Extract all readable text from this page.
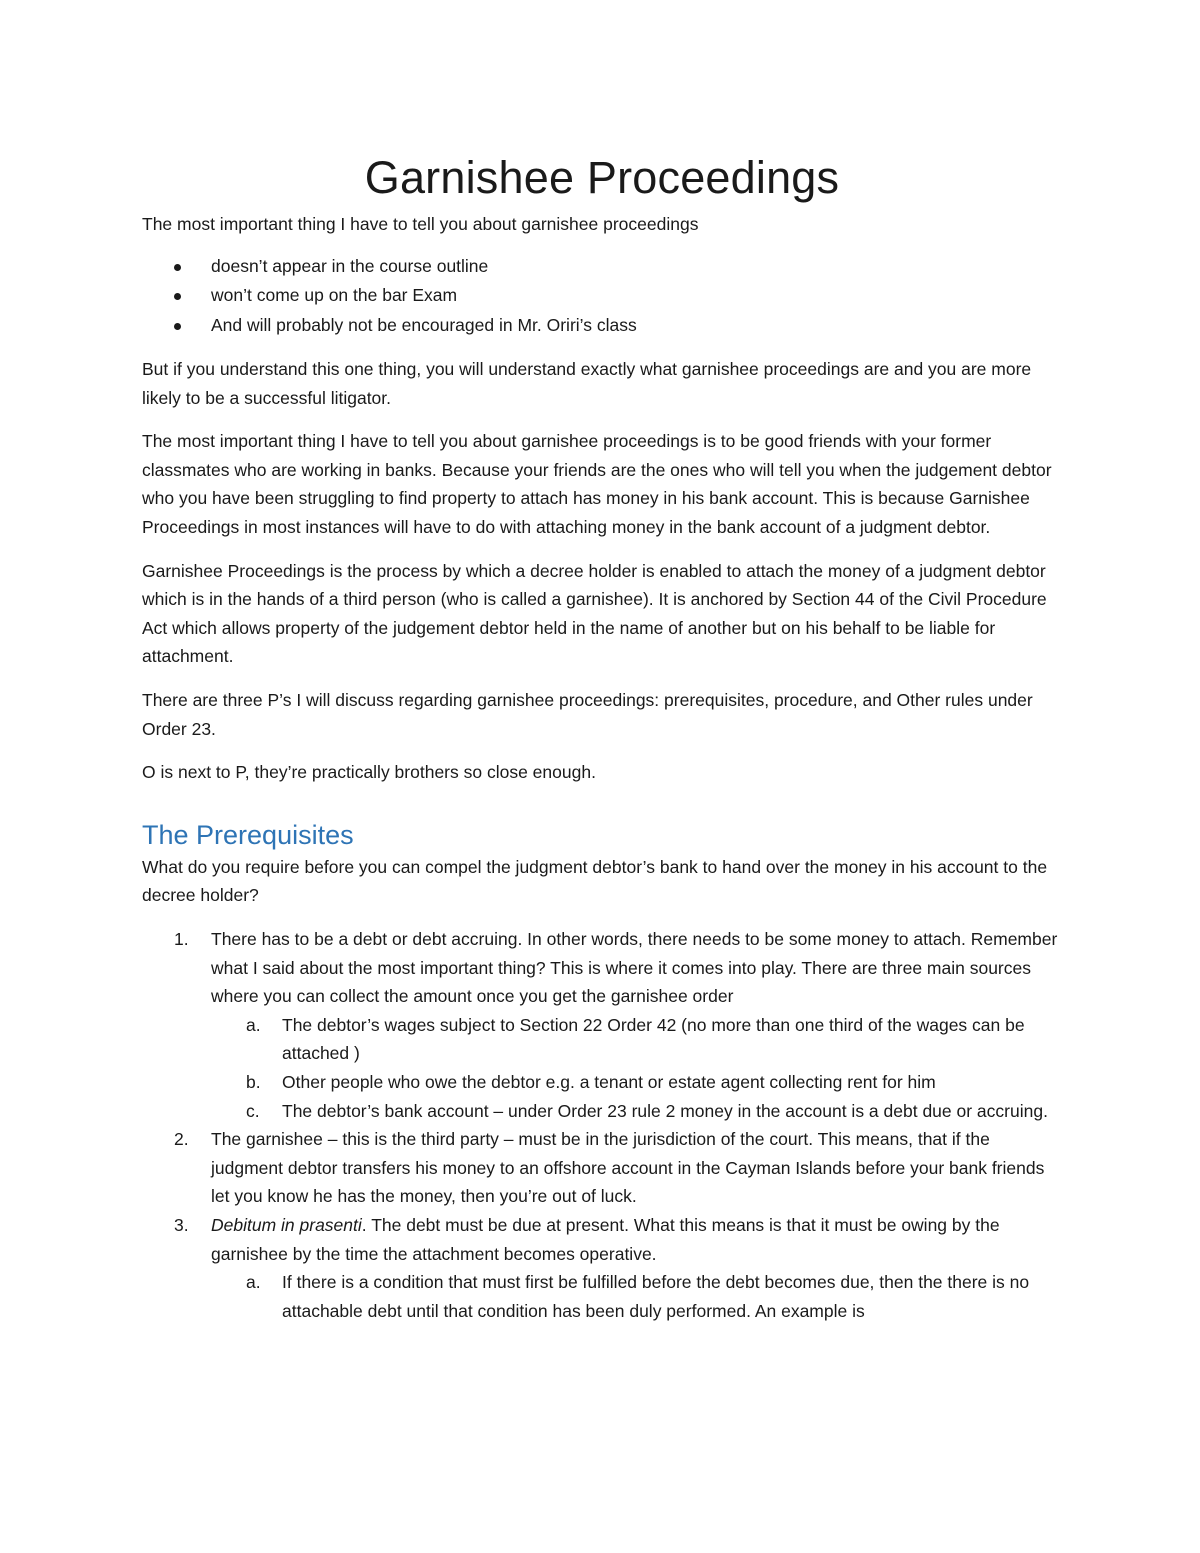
Garnishee Proceedings

The most important thing I have to tell you about garnishee proceedings

doesn’t appear in the course outline
won’t come up on the bar Exam
And will probably not be encouraged in Mr. Oriri’s class

But if you understand this one thing, you will understand exactly what garnishee proceedings are and you are more likely to be a successful litigator.

The most important thing I have to tell you about garnishee proceedings is to be good friends with your former classmates who are working in banks. Because your friends are the ones who will tell you when the judgement debtor who you have been struggling to find property to attach has money in his bank account. This is because Garnishee Proceedings in most instances will have to do with attaching money in the bank account of a judgment debtor.

Garnishee Proceedings is the process by which a decree holder is enabled to attach the money of a judgment debtor which is in the hands of a third person (who is called a garnishee). It is anchored by Section 44 of the Civil Procedure Act which allows property of the judgement debtor held in the name of another but on his behalf to be liable for attachment.

There are three P’s I will discuss regarding garnishee proceedings: prerequisites, procedure, and Other rules under Order 23.

O is next to P, they’re practically brothers so close enough.

The Prerequisites

What do you require before you can compel the judgment debtor’s bank to hand over the money in his account to the decree holder?

1. There has to be a debt or debt accruing. In other words, there needs to be some money to attach. Remember what I said about the most important thing? This is where it comes into play. There are three main sources where you can collect the amount once you get the garnishee order
a. The debtor’s wages subject to Section 22 Order 42 (no more than one third of the wages can be attached )
b. Other people who owe the debtor e.g. a tenant or estate agent collecting rent for him
c. The debtor’s bank account – under Order 23 rule 2 money in the account is a debt due or accruing.
2. The garnishee – this is the third party – must be in the jurisdiction of the court. This means, that if the judgment debtor transfers his money to an offshore account in the Cayman Islands before your bank friends let you know he has the money, then you’re out of luck.
3. Debitum in prasenti. The debt must be due at present. What this means is that it must be owing by the garnishee by the time the attachment becomes operative.
a. If there is a condition that must first be fulfilled before the debt becomes due, then the there is no attachable debt until that condition has been duly performed. An example is
